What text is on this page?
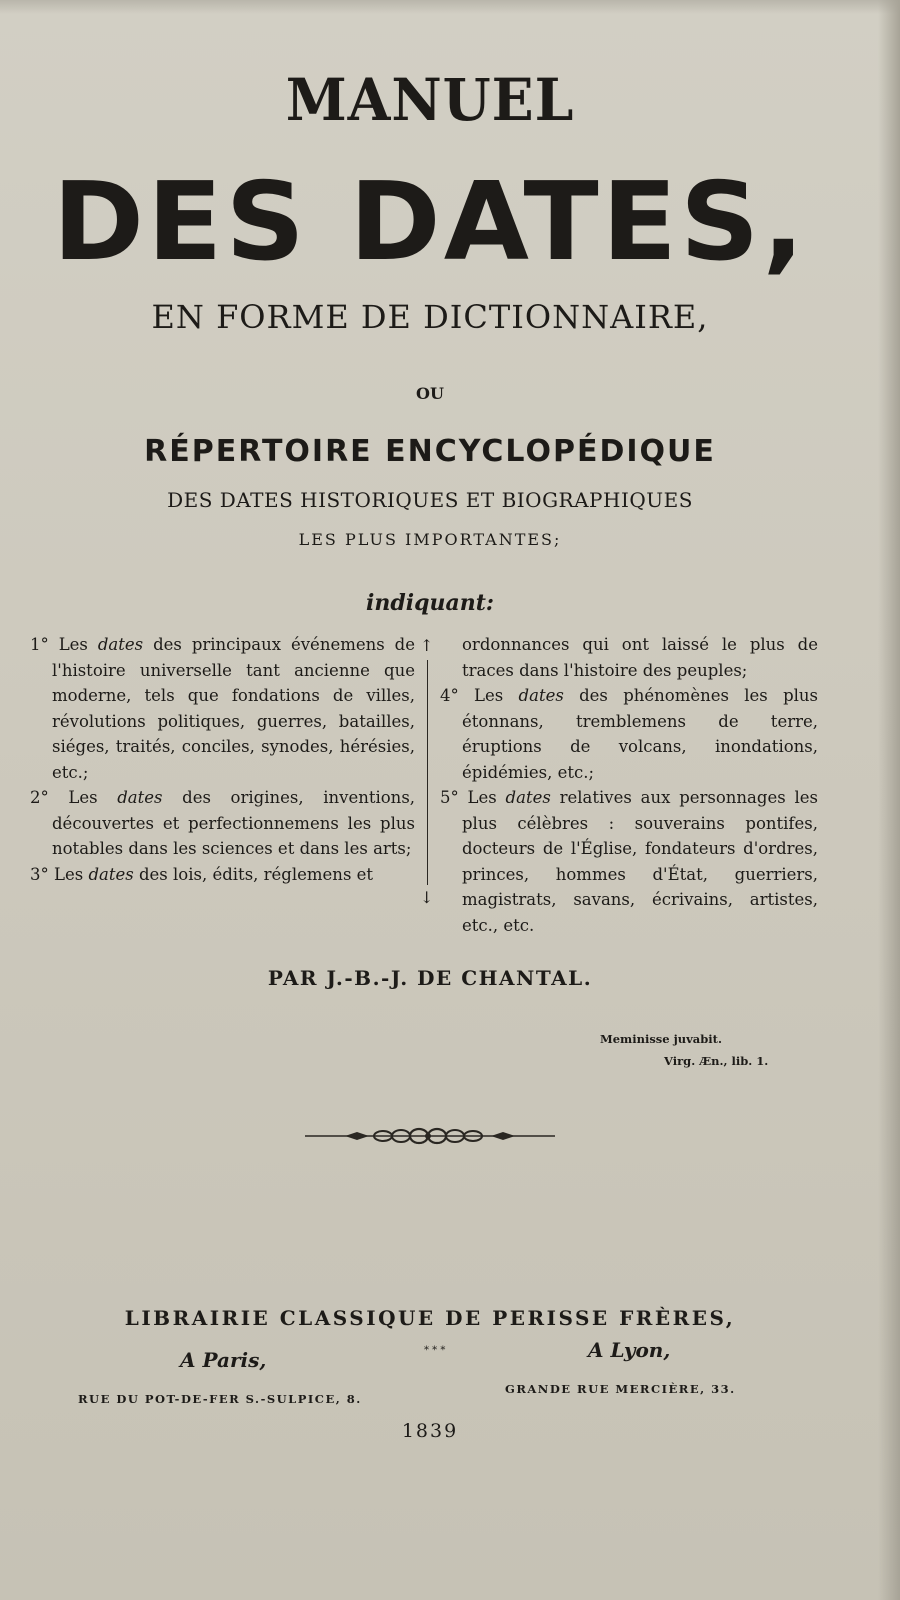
MANUEL
DES DATES,
EN FORME DE DICTIONNAIRE,
OU
RÉPERTOIRE ENCYCLOPÉDIQUE
DES DATES HISTORIQUES ET BIOGRAPHIQUES
LES PLUS IMPORTANTES;
indiquant:

1° Les dates des principaux événemens de l'histoire universelle tant ancienne que moderne, tels que fondations de villes, révolutions politiques, guerres, batailles, siéges, traités, conciles, synodes, hérésies, etc.;

2° Les dates des origines, inventions, découvertes et perfectionnemens les plus notables dans les sciences et dans les arts;

3° Les dates des lois, édits, réglemens et

↑
↓

ordonnances qui ont laissé le plus de traces dans l'histoire des peuples;

4° Les dates des phénomènes les plus étonnans, tremblemens de terre, éruptions de volcans, inondations, épidémies, etc.;

5° Les dates relatives aux personnages les plus célèbres : souverains pontifes, docteurs de l'Église, fondateurs d'ordres, princes, hommes d'État, guerriers, magistrats, savans, écrivains, artistes, etc., etc.

PAR J.-B.-J. DE CHANTAL.
Meminisse juvabit.
Virg. Æn., lib. 1.
LIBRAIRIE CLASSIQUE DE PERISSE FRÈRES,
A Paris,	* * *	A Lyon,
RUE DU POT-DE-FER S.-SULPICE, 8.
GRANDE RUE MERCIÈRE, 33.
1839
